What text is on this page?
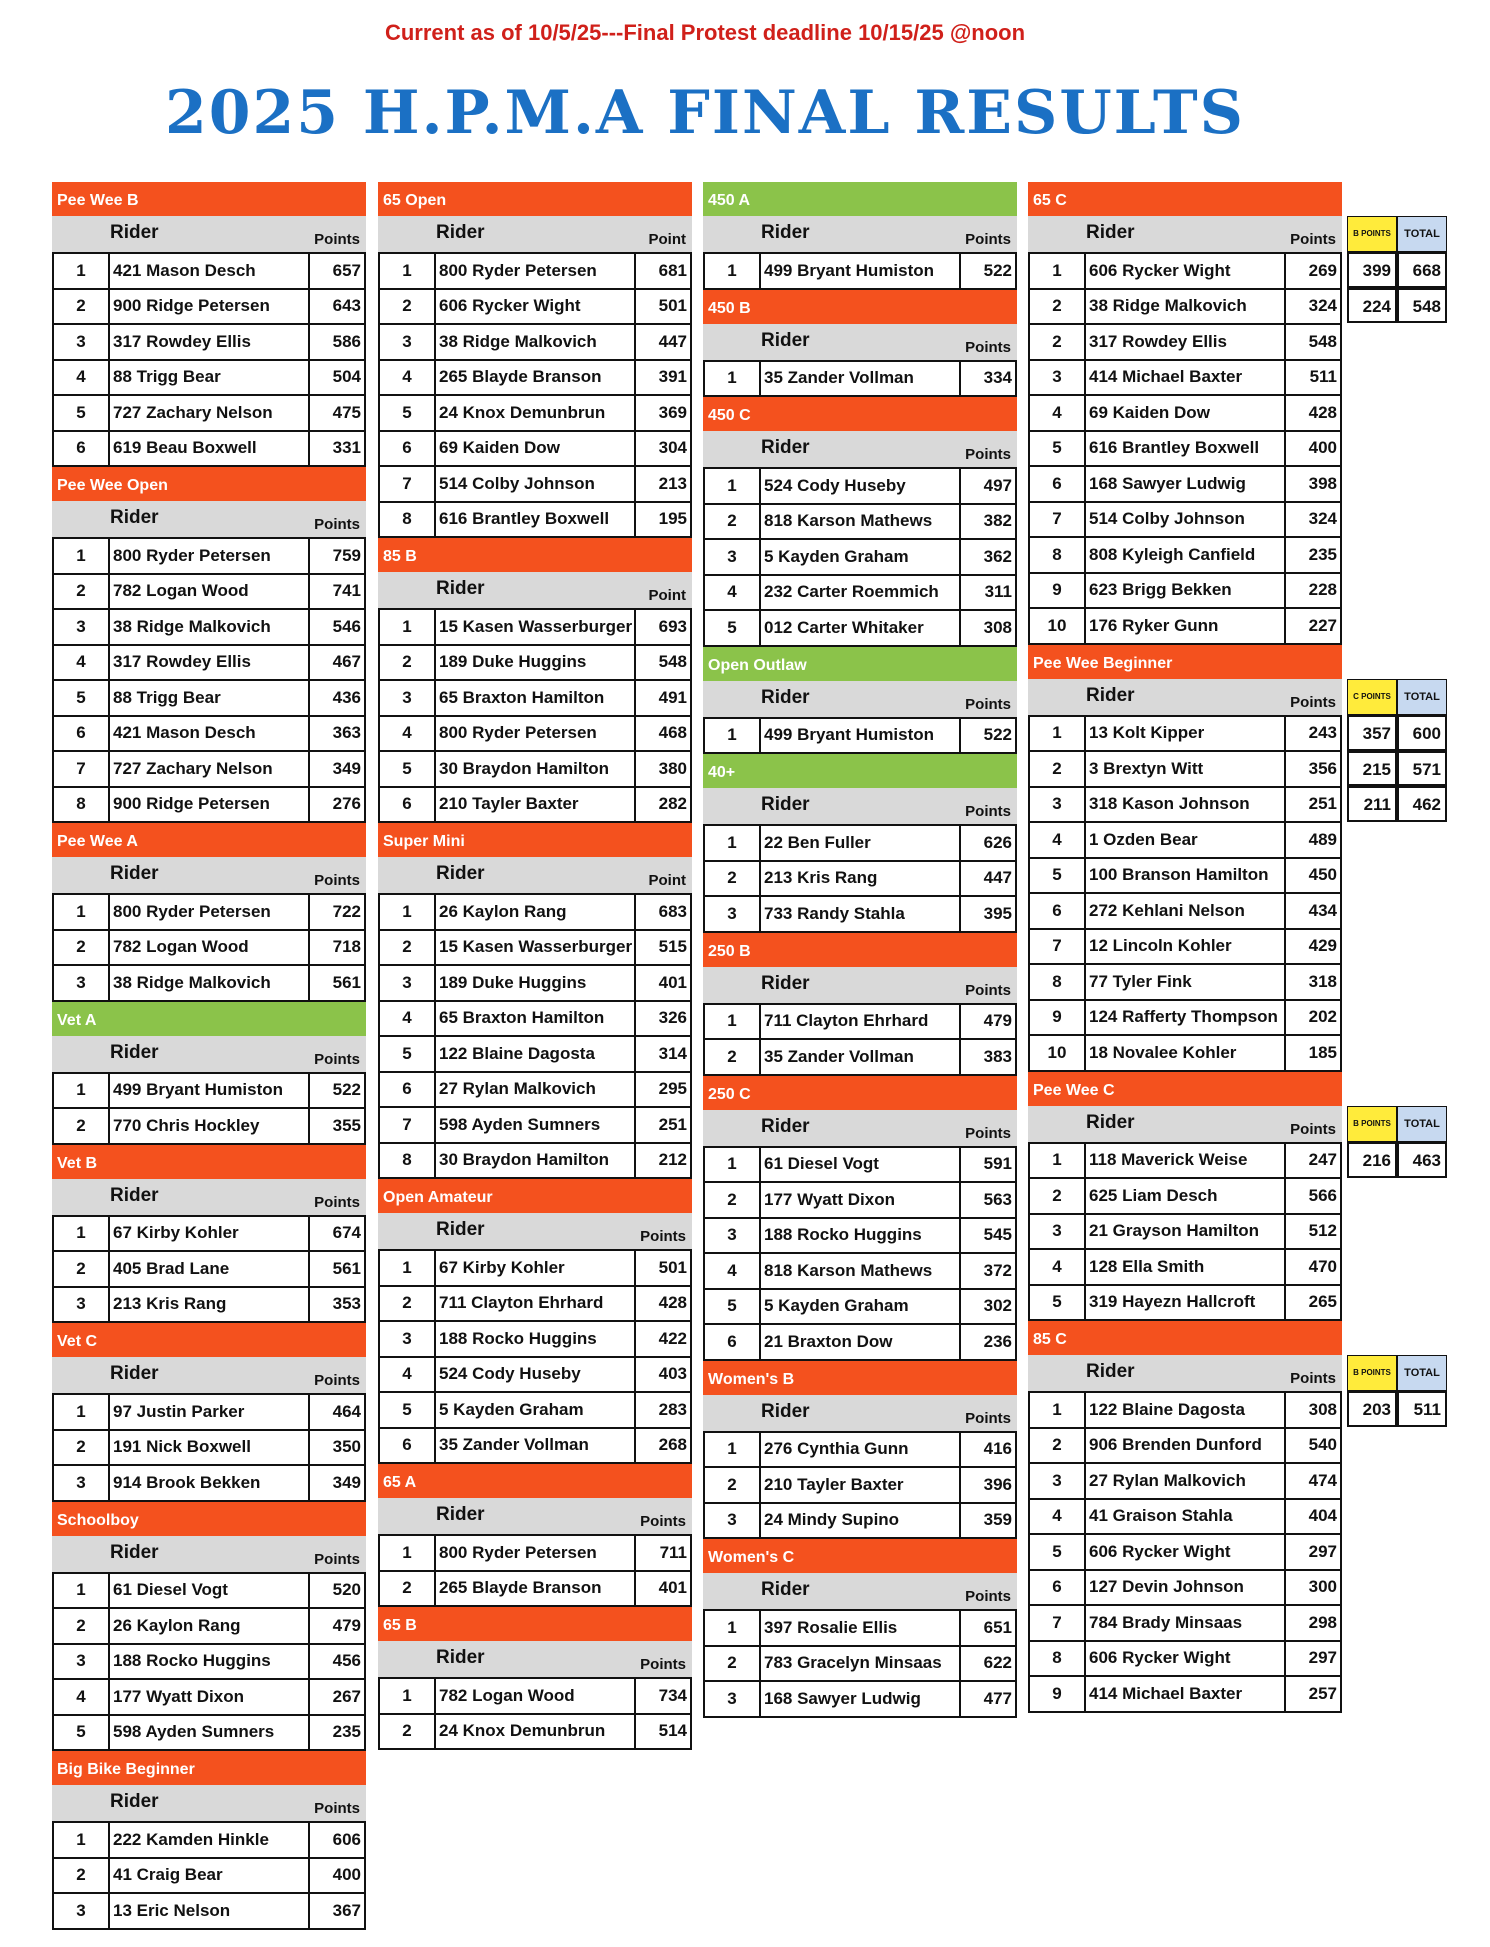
Current as of 10/5/25---Final Protest deadline 10/15/25 @noon
2025 H.P.M.A FINAL RESULTS
Pee Wee B
Rider	Points
1	421 Mason Desch	657
2	900 Ridge Petersen	643
3	317 Rowdey Ellis	586
4	88 Trigg Bear	504
5	727 Zachary Nelson	475
6	619 Beau Boxwell	331
Pee Wee Open
Rider	Points
1	800 Ryder Petersen	759
2	782 Logan Wood	741
3	38 Ridge Malkovich	546
4	317 Rowdey Ellis	467
5	88 Trigg Bear	436
6	421 Mason Desch	363
7	727 Zachary Nelson	349
8	900 Ridge Petersen	276
Pee Wee A
Rider	Points
1	800 Ryder Petersen	722
2	782 Logan Wood	718
3	38 Ridge Malkovich	561
Vet A
Rider	Points
1	499 Bryant Humiston	522
2	770 Chris Hockley	355
Vet B
Rider	Points
1	67 Kirby Kohler	674
2	405 Brad Lane	561
3	213 Kris Rang	353
Vet C
Rider	Points
1	97 Justin Parker	464
2	191 Nick Boxwell	350
3	914 Brook Bekken	349
Schoolboy
Rider	Points
1	61 Diesel Vogt	520
2	26 Kaylon Rang	479
3	188 Rocko Huggins	456
4	177 Wyatt Dixon	267
5	598 Ayden Sumners	235
Big Bike Beginner
Rider	Points
1	222 Kamden Hinkle	606
2	41 Craig Bear	400
3	13 Eric Nelson	367
65 Open
Rider	Point
1	800 Ryder Petersen	681
2	606 Rycker Wight	501
3	38 Ridge Malkovich	447
4	265 Blayde Branson	391
5	24 Knox Demunbrun	369
6	69 Kaiden Dow	304
7	514 Colby Johnson	213
8	616 Brantley Boxwell	195
85 B
Rider	Point
1	15 Kasen Wasserburger	693
2	189 Duke Huggins	548
3	65 Braxton Hamilton	491
4	800 Ryder Petersen	468
5	30 Braydon Hamilton	380
6	210 Tayler Baxter	282
Super Mini
Rider	Point
1	26 Kaylon Rang	683
2	15 Kasen Wasserburger	515
3	189 Duke Huggins	401
4	65 Braxton Hamilton	326
5	122 Blaine Dagosta	314
6	27 Rylan Malkovich	295
7	598 Ayden Sumners	251
8	30 Braydon Hamilton	212
Open Amateur
Rider	Points
1	67 Kirby Kohler	501
2	711 Clayton Ehrhard	428
3	188 Rocko Huggins	422
4	524 Cody Huseby	403
5	5 Kayden Graham	283
6	35 Zander Vollman	268
65 A
Rider	Points
1	800 Ryder Petersen	711
2	265 Blayde Branson	401
65 B
Rider	Points
1	782 Logan Wood	734
2	24 Knox Demunbrun	514
450 A
Rider	Points
1	499 Bryant Humiston	522
450 B
Rider	Points
1	35 Zander Vollman	334
450 C
Rider	Points
1	524 Cody Huseby	497
2	818 Karson Mathews	382
3	5 Kayden Graham	362
4	232 Carter Roemmich	311
5	012 Carter Whitaker	308
Open Outlaw
Rider	Points
1	499 Bryant Humiston	522
40+
Rider	Points
1	22 Ben Fuller	626
2	213 Kris Rang	447
3	733 Randy Stahla	395
250 B
Rider	Points
1	711 Clayton Ehrhard	479
2	35 Zander Vollman	383
250 C
Rider	Points
1	61 Diesel Vogt	591
2	177 Wyatt Dixon	563
3	188 Rocko Huggins	545
4	818 Karson Mathews	372
5	5 Kayden Graham	302
6	21 Braxton Dow	236
Women's B
Rider	Points
1	276 Cynthia Gunn	416
2	210 Tayler Baxter	396
3	24 Mindy Supino	359
Women's C
Rider	Points
1	397 Rosalie Ellis	651
2	783 Gracelyn Minsaas	622
3	168 Sawyer Ludwig	477
65 C
Rider	Points
1	606 Rycker Wight	269
2	38 Ridge Malkovich	324
2	317 Rowdey Ellis	548
3	414 Michael Baxter	511
4	69 Kaiden Dow	428
5	616 Brantley Boxwell	400
6	168 Sawyer Ludwig	398
7	514 Colby Johnson	324
8	808 Kyleigh Canfield	235
9	623 Brigg Bekken	228
10	176 Ryker Gunn	227
Pee Wee Beginner
Rider	Points
1	13 Kolt Kipper	243
2	3 Brextyn Witt	356
3	318 Kason Johnson	251
4	1 Ozden Bear	489
5	100 Branson Hamilton	450
6	272 Kehlani Nelson	434
7	12 Lincoln Kohler	429
8	77 Tyler Fink	318
9	124 Rafferty Thompson	202
10	18 Novalee Kohler	185
Pee Wee C
Rider	Points
1	118 Maverick Weise	247
2	625 Liam Desch	566
3	21 Grayson Hamilton	512
4	128 Ella Smith	470
5	319 Hayezn Hallcroft	265
85 C
Rider	Points
1	122 Blaine Dagosta	308
2	906 Brenden Dunford	540
3	27 Rylan Malkovich	474
4	41 Graison Stahla	404
5	606 Rycker Wight	297
6	127 Devin Johnson	300
7	784 Brady Minsaas	298
8	606 Rycker Wight	297
9	414 Michael Baxter	257
B POINTS	TOTAL
399	668
224	548
C POINTS	TOTAL
357	600
215	571
211	462
B POINTS	TOTAL
216	463
B POINTS	TOTAL
203	511
